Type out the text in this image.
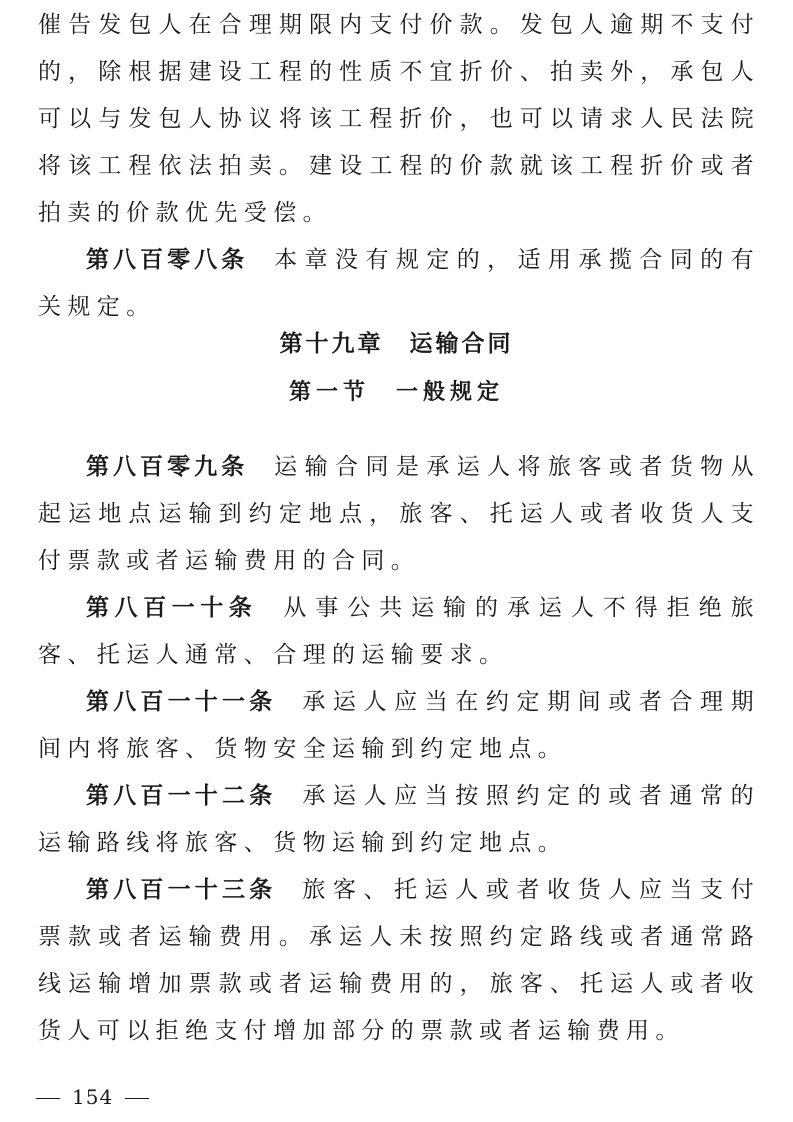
催告发包人在合理期限内支付价款。发包人逾期不支付的，除根据建设工程的性质不宜折价、拍卖外，承包人可以与发包人协议将该工程折价，也可以请求人民法院将该工程依法拍卖。建设工程的价款就该工程折价或者拍卖的价款优先受偿。

第八百零八条 本章没有规定的，适用承揽合同的有关规定。

第十九章 运输合同
第一节 一般规定

第八百零九条 运输合同是承运人将旅客或者货物从起运地点运输到约定地点，旅客、托运人或者收货人支付票款或者运输费用的合同。

第八百一十条 从事公共运输的承运人不得拒绝旅客、托运人通常、合理的运输要求。

第八百一十一条 承运人应当在约定期间或者合理期间内将旅客、货物安全运输到约定地点。

第八百一十二条 承运人应当按照约定的或者通常的运输路线将旅客、货物运输到约定地点。

第八百一十三条 旅客、托运人或者收货人应当支付票款或者运输费用。承运人未按照约定路线或者通常路线运输增加票款或者运输费用的，旅客、托运人或者收货人可以拒绝支付增加部分的票款或者运输费用。

154
